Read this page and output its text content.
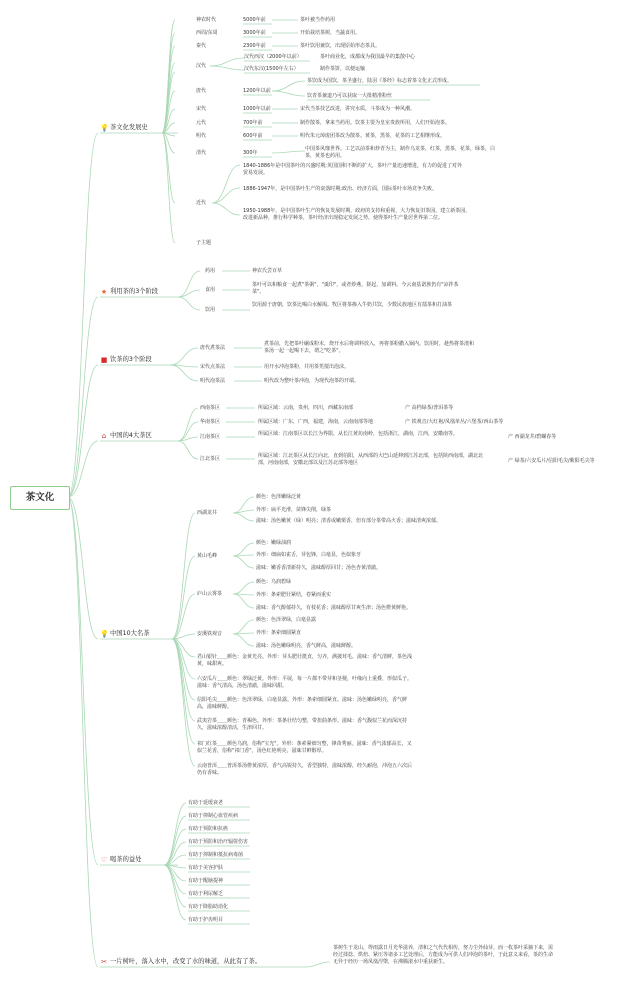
茶文化
💡茶文化发展史
神农时代	5000年前	茶叶被当作药用
西周/东周	3000年前	开始栽培茶树，当蔬食用。
秦代	2300年前	茶叶饮用兼饮，出现原始形态茶具。
汉代
汉代西汉（2000年以前）	茶叶商业化，成都成为我国最早的集散中心
汉代东汉(1500年左右）	制作茶饼，以便运输
唐代	1200年以前
茶饮成为国饮，茶圣盛行，陆羽《茶经》标志着茶文化正式形成。
饮青茶兼道乃可以获取一大批精准粉丝
宋代	1000年以前	宋代当茶技艺改进，讲究水质，斗茶成为一种风潮。
元代	700年前	制作散茶，拿来当药用。饮茶主要为皇室贵族所用，人们开始泡茶。
明代	600年前	明代朱元璋废团茶改为散茶。黄茶，黑茶，花茶的工艺相继形成。
清代	300年
中国茶风靡世界。工艺以前茶和炒青为主，制作乌龙茶，红茶，黑茶，花茶，绿茶，白茶，黄茶也药用。
近代
1840-1886年是中国茶叶的兴盛时期;英国国积不断的扩大，茶叶产量迅速增进，有力的促进了对外贸易发展。
1886-1947年，是中国茶叶生产的衰落时期;政治、经济方面，国际茶叶市场竞争失败。
1950-1988年，是中国茶叶生产的恢复发展时期，政府的支持和重视，大力恢复旧茶园，建立新茶园，改进新品种，推行科学种茶，茶叶经济出现稳定发展之势。使得茶叶生产量居世界第二位。
子主题
★ 利用茶的3个阶段
药用	神农氏尝百草
食用
茶叶可以和粮食一起煮"茶粥"，"羹印"，或者炒燕，搓起，加调料。今云南基诺族仍有"凉拌茶菜"。
饮用
饮用源于唐朝，饮茶比喝白水解渴。牧区将茶掺入牛奶共饮，少数民族地区有擂茶和打油茶
■ 饮茶的3个阶段
唐代煮茶法
煮茶前，先把茶叶碾成粉末，烧开水后将调料放入，再将茶粉撒入锅内。饮用时，趁热将茶渣和茶汤一起一起喝下去，谓之"吃茶"。
宋代点茶法	用开水冲泡茶粉，并用茶筅搅出泡沫。
明代泡茶法	明代改为整叶茶冲泡，为现代泡茶的开端。
⌂ 中国的4大茶区
西南茶区	所属区域：云南，贵州，四川，西藏东南部	产 高档绿茶/普洱茶等
华南茶区	所属区域：广东，广西，福建，海南，云南南部等地	产 铁观音/大红袍/凤凰单丛/六堡茶/西山茶等
江南茶区	所属区域：江南茶区以长江为界限，从长江黄坊南岭，包括浙江，湖南，江西，安徽南等。	产 西湖龙井/碧螺春等
江北茶区	所属区域：江北茶区从长江向北，直到伯阳，从西部的大巴山延伸到江苏北部，包括陕西南部，湖北北部，河南南部，安徽北部以及江苏北部等地区	产 绿茶/六安瓜片/信阳毛尖/紫阳毛尖等
💡中国10大名茶
西湖龙井
颜色：色泽嫩绿泛黄
外形：扁平光滑，苗锋尖削，绿茶
滋味：汤色嫩黄（绿）明亮；清香或嫩栗香，但有部分茶带高火香；滋味清爽浓郁。
黄山毛峰
颜色：嫩绿油润
外形：细扁如雀舌，芽包锋，白毫显，色似象牙
滋味：嫩香香清新持久，滋味醇厚回甘；汤色杏黄清澈。
庐山云雾茶
颜色：乌润碧绿
外形：条索肥壮紧结，卷紧而重实
滋味：香气醇郁持久，有枝花香；滋味醇厚甘爽生津；汤色橙黄鲜艳。
安溪铁观音
颜色：色泽翠绿，白毫显露
外形：条索细圆紧直
滋味：汤色嫩绿明亮，香气鲜高，滋味鲜醇。
君山银针＿＿颜色：金黄光亮。外形：芽头肥壮挺直，匀齐，满披茸毛。滋味：香气清鲜，茶色浅黄，味甜爽。
六安瓜片＿＿颜色：翠绿泛黄。外形：平展，每一片都不带芽和茎梗，叶缘向上重叠，形似瓜子。滋味：香气清高，汤色清澈，滋味回甜。
信阳毛尖＿＿颜色：色泽翠绿，白毫显露。外形：条索细圆紧直。滋味：汤色嫩绿明亮，香气鲜高，滋味鲜醇。
武夷岩茶＿＿颜色：青褐色。外形：茶条壮结匀整，带扭曲条形。滋味：香气馥似兰花而深沉持久，滋味浓醇清活，生津回甘。
祁门红茶＿＿颜色乌润，俗称"宝光"。外形：条索紧细匀整，锋苗秀丽。滋味：香气浓郁高长，又似兰花香，俗称"祁门香"，汤色红艳明亮，滋味甘鲜醇厚。
云南普洱＿＿普洱茶汤橙黄浓厚，香气高锐持久，香型独特，滋味浓醇，经久耐泡，冲泡五六次后仍有香味。
♡ 喝茶的益处
有助于延缓衰老
有助于抑制心血管疾病
有助于预防和抗癌
有助于预防和治疗辐射伤害
有助于抑制和抵抗病毒菌
有助于美容护肤
有助于醒脑提神
有助于利尿解乏
有助于降脂助消化
有助于护齿明目
✂ 一片树叶，落入水中，改变了水的味道，从此有了茶。
茶树生于龙山，得雨露日月光华滋养，清和之气代代相传，努力尘外仙芽。而一枚茶叶采摘下来，需经过揉捻、烘焙、紧压等诸多工艺处理后，方能成为可供人们冲泡的茶叶，于此意义来看，茶的生命无异于经历一场凤凰涅槃，在沸腾滚水中重获新生。
